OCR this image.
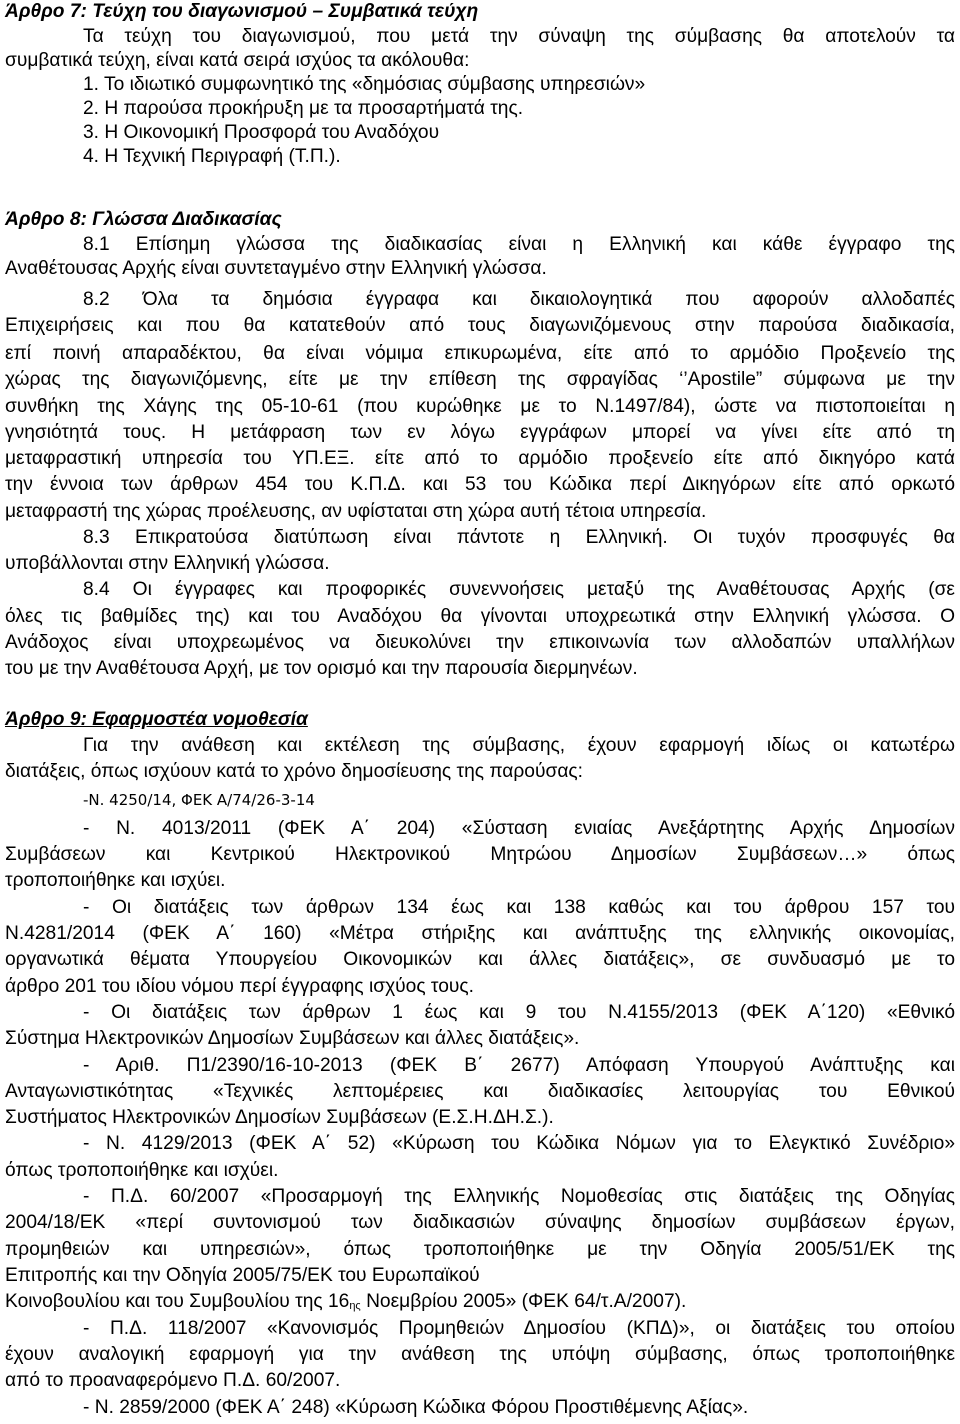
Άρθρο 7: Τεύχη του διαγωνισμού – Συμβατικά τεύχη

Τα τεύχη του διαγωνισμού, που μετά την σύναψη της σύμβασης θα αποτελούν τα

συμβατικά τεύχη, είναι κατά σειρά ισχύος τα ακόλουθα:

1. Το ιδιωτικό συμφωνητικό της «δημόσιας σύμβασης υπηρεσιών»

2. Η παρούσα προκήρυξη με τα προσαρτήματά της.

3. Η Οικονομική Προσφορά του Αναδόχου

4. Η Τεχνική Περιγραφή (Τ.Π.).

Άρθρο 8: Γλώσσα Διαδικασίας

8.1 Επίσημη γλώσσα της διαδικασίας είναι η Ελληνική και κάθε έγγραφο της

Αναθέτουσας Αρχής είναι συντεταγμένο στην Ελληνική γλώσσα.

8.2 Όλα τα δημόσια έγγραφα και δικαιολογητικά που αφορούν αλλοδαπές

Επιχειρήσεις και που θα κατατεθούν από τους διαγωνιζόμενους στην παρούσα διαδικασία,

επί ποινή απαραδέκτου, θα είναι νόμιμα επικυρωμένα, είτε από το αρμόδιο Προξενείο της

χώρας της διαγωνιζόμενης, είτε με την επίθεση της σφραγίδας ‘’Apostile” σύμφωνα με την

συνθήκη της Χάγης της 05-10-61 (που κυρώθηκε με το Ν.1497/84), ώστε να πιστοποιείται η

γνησιότητά τους. Η μετάφραση των εν λόγω εγγράφων μπορεί να γίνει είτε από τη

μεταφραστική υπηρεσία του ΥΠ.ΕΞ. είτε από το αρμόδιο προξενείο είτε από δικηγόρο κατά

την έννοια των άρθρων 454 του Κ.Π.Δ. και 53 του Κώδικα περί Δικηγόρων είτε από ορκωτό

μεταφραστή της χώρας προέλευσης, αν υφίσταται στη χώρα αυτή τέτοια υπηρεσία.

8.3 Επικρατούσα διατύπωση είναι πάντοτε η Ελληνική. Οι τυχόν προσφυγές θα

υποβάλλονται στην Ελληνική γλώσσα.

8.4 Οι έγγραφες και προφορικές συνεννοήσεις μεταξύ της Αναθέτουσας Αρχής (σε

όλες τις βαθμίδες της) και του Αναδόχου θα γίνονται υποχρεωτικά στην Ελληνική γλώσσα. Ο

Ανάδοχος είναι υποχρεωμένος να διευκολύνει την επικοινωνία των αλλοδαπών υπαλλήλων

του με την Αναθέτουσα Αρχή, με τον ορισμό και την παρουσία διερμηνέων.

Άρθρο 9: Εφαρμοστέα νομοθεσία

Για την ανάθεση και εκτέλεση της σύμβασης, έχουν εφαρμογή ιδίως οι κατωτέρω

διατάξεις, όπως ισχύουν κατά το χρόνο δημοσίευσης της παρούσας:

-Ν. 4250/14, ΦΕΚ Α/74/26-3-14

- Ν. 4013/2011 (ΦΕΚ Α΄ 204) «Σύσταση ενιαίας Ανεξάρτητης Αρχής Δημοσίων

Συμβάσεων και Κεντρικού Ηλεκτρονικού Μητρώου Δημοσίων Συμβάσεων…» όπως

τροποποιήθηκε και ισχύει.

- Οι διατάξεις των άρθρων 134 έως και 138 καθώς και του άρθρου 157 του

Ν.4281/2014 (ΦΕΚ Α΄ 160) «Μέτρα στήριξης και ανάπτυξης της ελληνικής οικονομίας,

οργανωτικά θέματα Υπουργείου Οικονομικών και άλλες διατάξεις», σε συνδυασμό με το

άρθρο 201 του ιδίου νόμου περί έγγραφης ισχύος τους.

- Οι διατάξεις των άρθρων 1 έως και 9 του Ν.4155/2013 (ΦΕΚ Α΄120) «Εθνικό

Σύστημα Ηλεκτρονικών Δημοσίων Συμβάσεων και άλλες διατάξεις».

- Αριθ. Π1/2390/16-10-2013 (ΦΕΚ Β΄ 2677) Απόφαση Υπουργού Ανάπτυξης και

Ανταγωνιστικότητας «Τεχνικές λεπτομέρειες και διαδικασίες λειτουργίας του Εθνικού

Συστήματος Ηλεκτρονικών Δημοσίων Συμβάσεων (Ε.Σ.Η.ΔΗ.Σ.).

- Ν. 4129/2013 (ΦΕΚ Α΄ 52) «Κύρωση του Κώδικα Νόμων για το Ελεγκτικό Συνέδριο»

όπως τροποποιήθηκε και ισχύει.

- Π.Δ. 60/2007 «Προσαρμογή της Ελληνικής Νομοθεσίας στις διατάξεις της Οδηγίας

2004/18/ΕΚ «περί συντονισμού των διαδικασιών σύναψης δημοσίων συμβάσεων έργων,

προμηθειών και υπηρεσιών», όπως τροποποιήθηκε με την Οδηγία 2005/51/ΕΚ της

Επιτροπής και την Οδηγία 2005/75/ΕΚ του Ευρωπαϊκού

Κοινοβουλίου και του Συμβουλίου της $16_{\eta\varsigma}$ Νοεμβρίου 2005» (ΦΕΚ 64/τ.Α/2007).

- Π.Δ. 118/2007 «Κανονισμός Προμηθειών Δημοσίου (ΚΠΔ)», οι διατάξεις του οποίου

έχουν αναλογική εφαρμογή για την ανάθεση της υπόψη σύμβασης, όπως τροποποιήθηκε

από το προαναφερόμενο Π.Δ. 60/2007.

- Ν. 2859/2000 (ΦΕΚ Α΄ 248) «Κύρωση Κώδικα Φόρου Προστιθέμενης Αξίας».
